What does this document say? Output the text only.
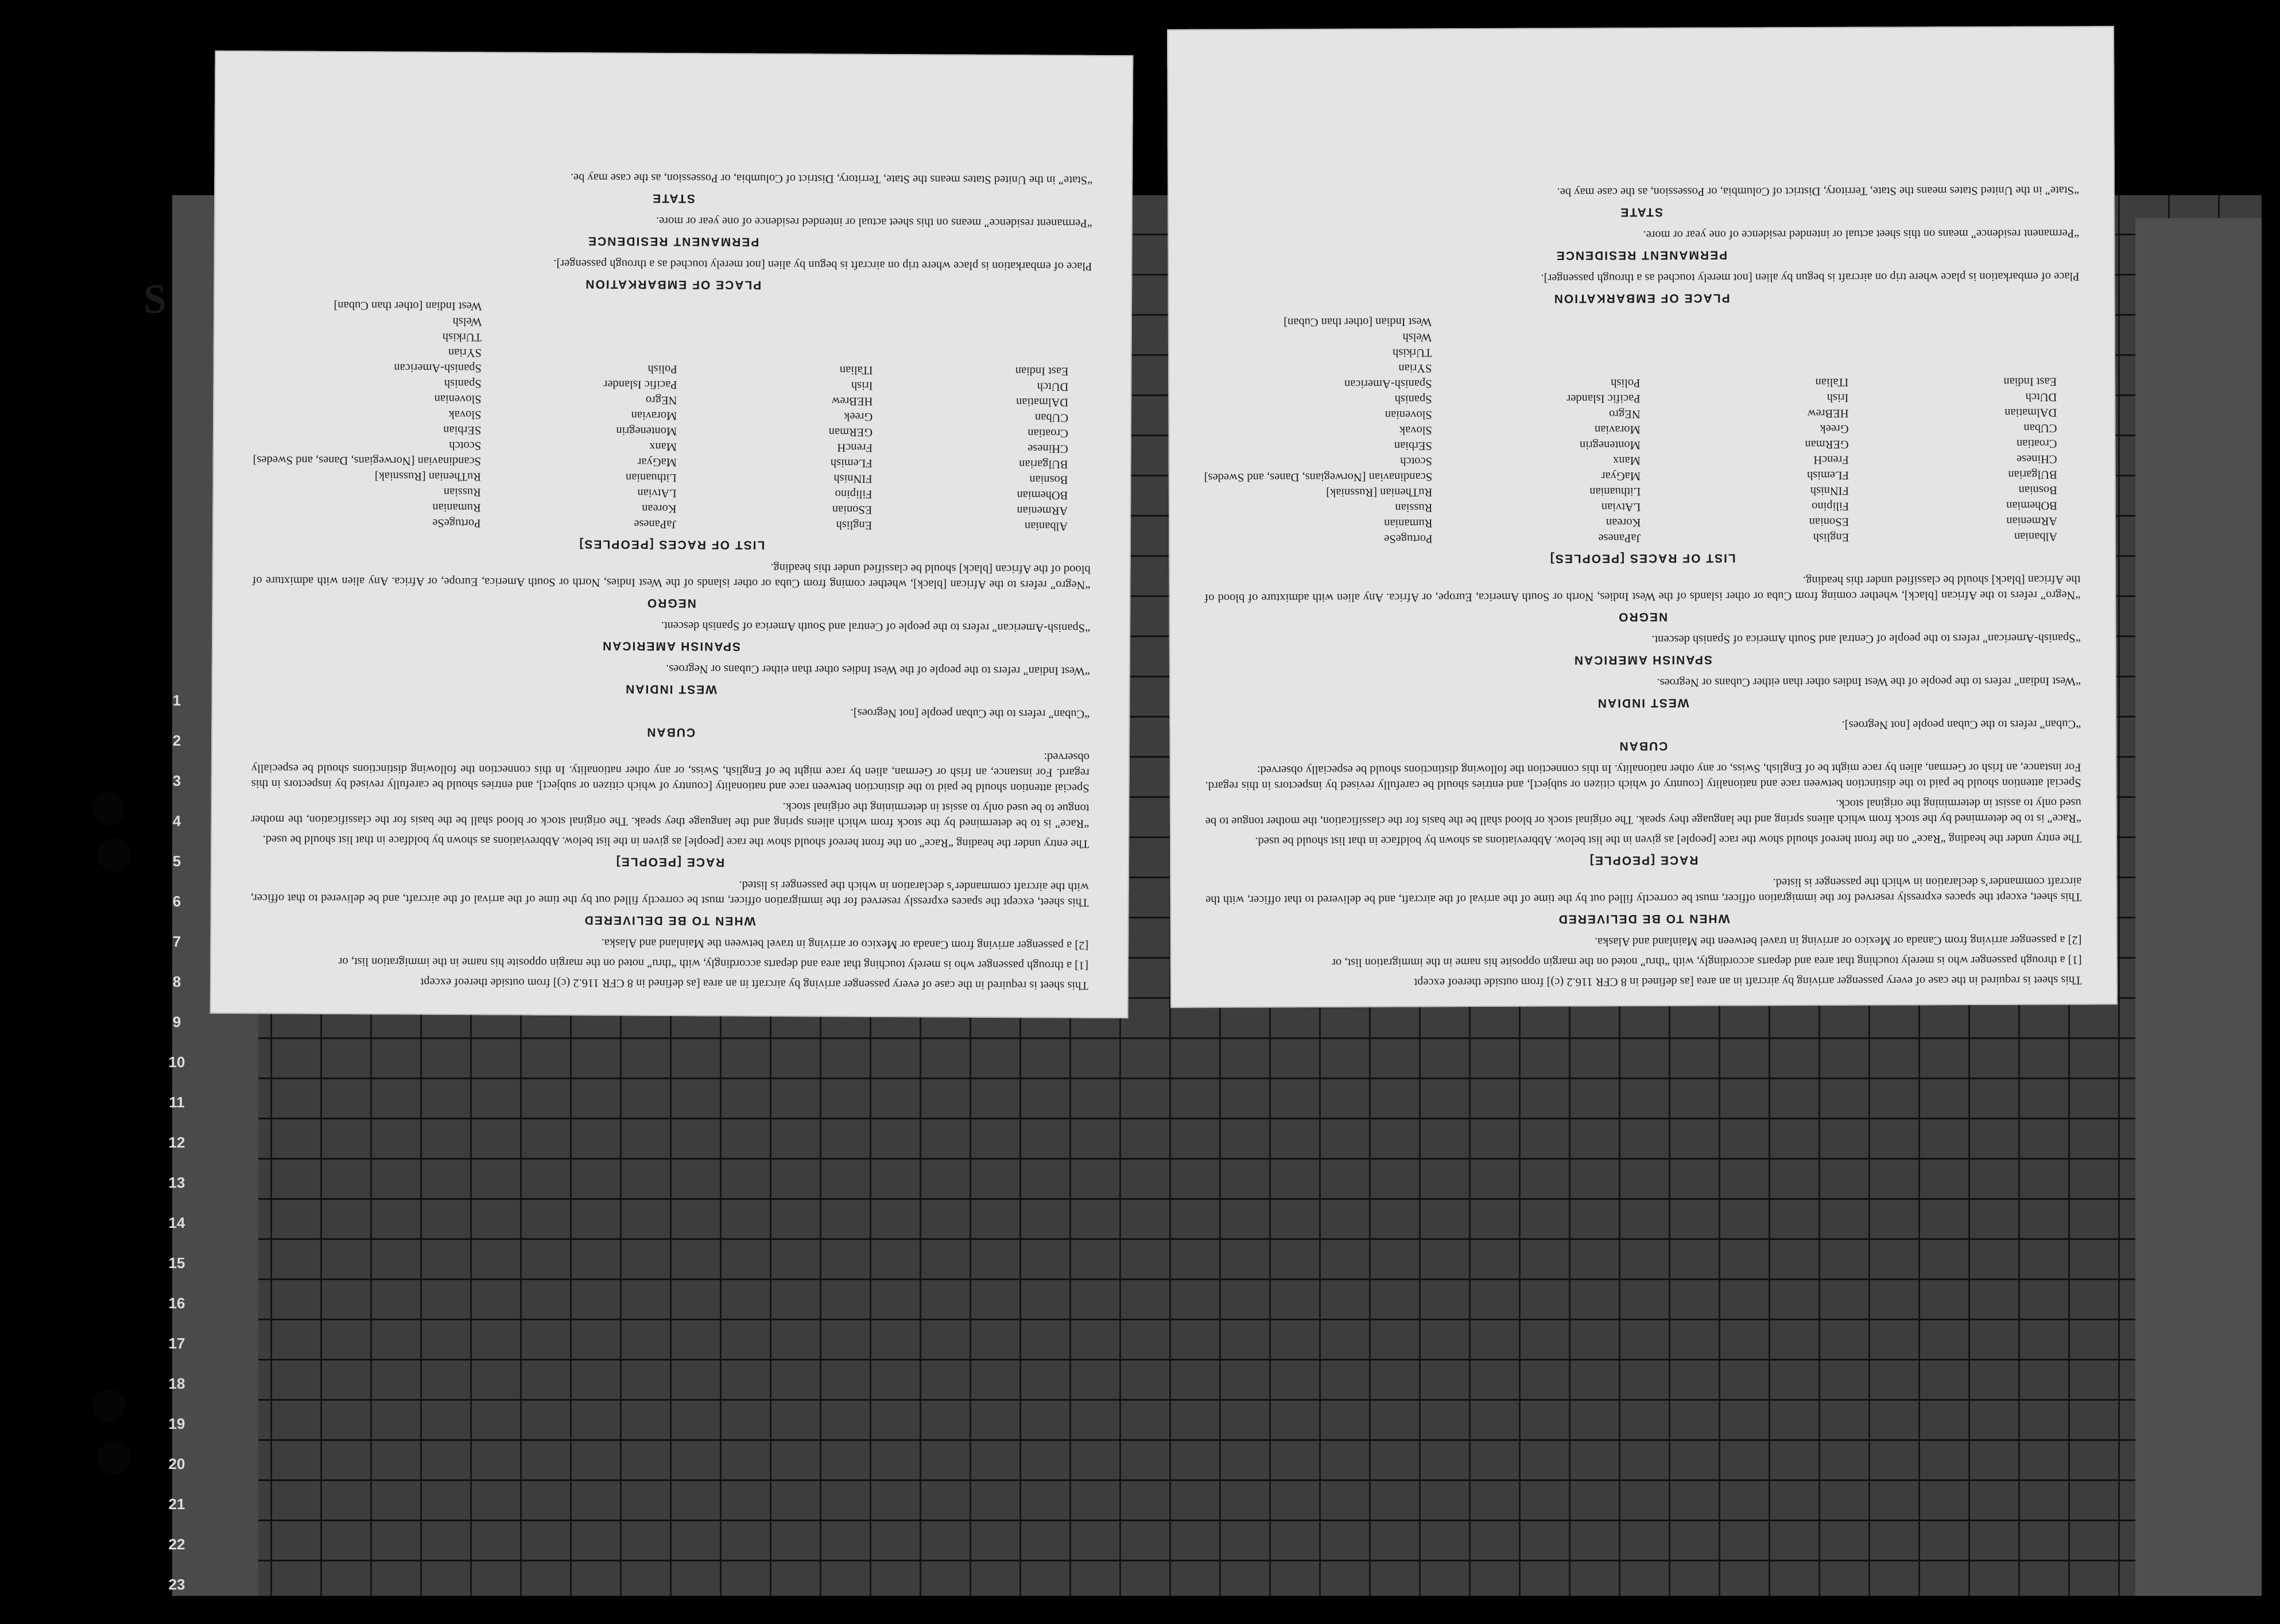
S
1
2
3
4
5
6
7
8
9
10
11
12
13
14
15
16
17
18
19
20
21
22
23

This sheet is required in the case of every passenger arriving by aircraft in an area [as defined in 8 CFR 116.2 (c)] from outside thereof except

[1] a through passenger who is merely touching that area and departs accordingly, with “thru” noted on the margin opposite his name in the immigration list, or

[2] a passenger arriving from Canada or Mexico or arriving in travel between the Mainland and Alaska.

WHEN TO BE DELIVERED

This sheet, except the spaces expressly reserved for the immigration officer, must be correctly filled out by the time of the arrival of the aircraft, and be delivered to that officer, with the aircraft commander’s declaration in which the passenger is listed.

RACE [PEOPLE]

The entry under the heading “Race” on the front hereof should show the race [people] as given in the list below. Abbreviations as shown by boldface in that list should be used.

“Race” is to be determined by the stock from which aliens spring and the language they speak. The original stock or blood shall be the basis for the classification, the mother tongue to be used only to assist in determining the original stock.

Special attention should be paid to the distinction between race and nationality [country of which citizen or subject], and entries should be carefully revised by inspectors in this regard. For instance, an Irish or German, alien by race might be of English, Swiss, or any other nationality. In this connection the following distinctions should be especially observed:

CUBAN

“Cuban” refers to the Cuban people [not Negroes].

WEST INDIAN

“West Indian” refers to the people of the West Indies other than either Cubans or Negroes.

SPANISH AMERICAN

“Spanish-American” refers to the people of Central and South America of Spanish descent.

NEGRO

“Negro” refers to the African [black], whether coming from Cuba or other islands of the West Indies, North or South America, Europe, or Africa. Any alien with admixture of blood of the African [black] should be classified under this heading.

LIST OF RACES [PEOPLES]
Albanian
ARmenian
BOhemian
Bosnian
BUlgarian
CHinese
Croatian
CUban
DAlmatian
DUtch
East Indian
English
ESonian
Filipino
FINnish
FLemish
FrencH
GERman
Greek
HEBrew
Irish
ITalian
JaPanese
Korean
LAtvian
Lithuanian
MaGyar
Manx
Montenegrin
Moravian
NEgro
Pacific Islander
Polish
PortugeSe
Rumanian
Russian
RuThenian [Russniak]
Scandinavian [Norwegians, Danes, and Swedes]
Scotch
SErbian
Slovak
Slovenian
Spanish
Spanish-American
SYrian
TUrkish
Welsh
West Indian [other than Cuban]
PLACE OF EMBARKATION

Place of embarkation is place where trip on aircraft is begun by alien [not merely touched as a through passenger].

PERMANENT RESIDENCE

“Permanent residence” means on this sheet actual or intended residence of one year or more.

STATE

“State” in the United States means the State, Territory, District of Columbia, or Possession, as the case may be.

This sheet is required in the case of every passenger arriving by aircraft in an area [as defined in 8 CFR 116.2 (c)] from outside thereof except

[1] a through passenger who is merely touching that area and departs accordingly, with “thru” noted on the margin opposite his name in the immigration list, or

[2] a passenger arriving from Canada or Mexico or arriving in travel between the Mainland and Alaska.

WHEN TO BE DELIVERED

This sheet, except the spaces expressly reserved for the immigration officer, must be correctly filled out by the time of the arrival of the aircraft, and be delivered to that officer, with the aircraft commander’s declaration in which the passenger is listed.

RACE [PEOPLE]

The entry under the heading “Race” on the front hereof should show the race [people] as given in the list below. Abbreviations as shown by boldface in that list should be used.

“Race” is to be determined by the stock from which aliens spring and the language they speak. The original stock or blood shall be the basis for the classification, the mother tongue to be used only to assist in determining the original stock.

Special attention should be paid to the distinction between race and nationality [country of which citizen or subject], and entries should be carefully revised by inspectors in this regard. For instance, an Irish or German, alien by race might be of English, Swiss, or any other nationality. In this connection the following distinctions should be especially observed:

CUBAN

“Cuban” refers to the Cuban people [not Negroes].

WEST INDIAN

“West Indian” refers to the people of the West Indies other than either Cubans or Negroes.

SPANISH AMERICAN

“Spanish-American” refers to the people of Central and South America of Spanish descent.

NEGRO

“Negro” refers to the African [black], whether coming from Cuba or other islands of the West Indies, North or South America, Europe, or Africa. Any alien with admixture of blood of the African [black] should be classified under this heading.

LIST OF RACES [PEOPLES]
Albanian
ARmenian
BOhemian
Bosnian
BUlgarian
CHinese
Croatian
CUban
DAlmatian
DUtch
East Indian
English
ESonian
Filipino
FINnish
FLemish
FrencH
GERman
Greek
HEBrew
Irish
ITalian
JaPanese
Korean
LAtvian
Lithuanian
MaGyar
Manx
Montenegrin
Moravian
NEgro
Pacific Islander
Polish
PortugeSe
Rumanian
Russian
RuThenian [Russniak]
Scandinavian [Norwegians, Danes, and Swedes]
Scotch
SErbian
Slovak
Slovenian
Spanish
Spanish-American
SYrian
TUrkish
Welsh
West Indian [other than Cuban]
PLACE OF EMBARKATION

Place of embarkation is place where trip on aircraft is begun by alien [not merely touched as a through passenger].

PERMANENT RESIDENCE

“Permanent residence” means on this sheet actual or intended residence of one year or more.

STATE

“State” in the United States means the State, Territory, District of Columbia, or Possession, as the case may be.
